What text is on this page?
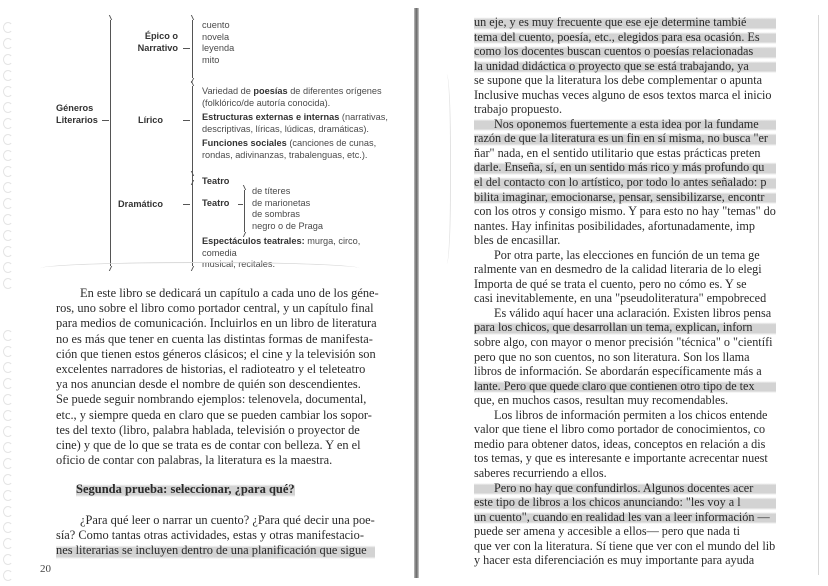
Géneros
Literarios
Épico o
Narrativo
cuento
novela
leyenda
mito
Lírico
Variedad de poesías de diferentes orígenes
(folklórico/de autoría conocida).
Estructuras externas e internas (narrativas,
descriptivas, líricas, lúdicas, dramáticas).
Funciones sociales (canciones de cunas,
rondas, adivinanzas, trabalenguas, etc.).
Dramático
Teatro
Teatro
de títeres
de marionetas
de sombras
negro o de Praga
Espectáculos teatrales: murga, circo, comedia
musical, recitales.
En este libro se dedicará un capítulo a cada uno de los géne-
ros, uno sobre el libro como portador central, y un capítulo final
para medios de comunicación. Incluirlos en un libro de literatura
no es más que tener en cuenta las distintas formas de manifesta-
ción que tienen estos géneros clásicos; el cine y la televisión son
excelentes narradores de historias, el radioteatro y el teleteatro
ya nos anuncian desde el nombre de quién son descendientes.
Se puede seguir nombrando ejemplos: telenovela, documental,
etc., y siempre queda en claro que se pueden cambiar los sopor-
tes del texto (libro, palabra hablada, televisión o proyector de
cine) y que de lo que se trata es de contar con belleza. Y en el
oficio de contar con palabras, la literatura es la maestra.
Segunda prueba: seleccionar, ¿para qué?
¿Para qué leer o narrar un cuento? ¿Para qué decir una poe-
sía? Como tantas otras actividades, estas y otras manifestacio-
nes literarias se incluyen dentro de una planificación que sigue
20
un eje, y es muy frecuente que ese eje determine tambié
tema del cuento, poesía, etc., elegidos para esa ocasión. Es
como los docentes buscan cuentos o poesías relacionadas
la unidad didáctica o proyecto que se está trabajando, ya
se supone que la literatura los debe complementar o apunta
Inclusive muchas veces alguno de esos textos marca el inicio
trabajo propuesto.
Nos oponemos fuertemente a esta idea por la fundame
razón de que la literatura es un fin en sí misma, no busca "er
ñar" nada, en el sentido utilitario que estas prácticas preten
darle. Enseña, sí, en un sentido más rico y más profundo qu
el del contacto con lo artístico, por todo lo antes señalado: p
bilita imaginar, emocionarse, pensar, sensibilizarse, encontr
con los otros y consigo mismo. Y para esto no hay "temas" do
nantes. Hay infinitas posibilidades, afortunadamente, imp
bles de encasillar.
Por otra parte, las elecciones en función de un tema ge
ralmente van en desmedro de la calidad literaria de lo elegi
Importa de qué se trata el cuento, pero no cómo es. Y se
casi inevitablemente, en una "pseudoliteratura" empobreced
Es válido aquí hacer una aclaración. Existen libros pensa
para los chicos, que desarrollan un tema, explican, inforn
sobre algo, con mayor o menor precisión "técnica" o "científi
pero que no son cuentos, no son literatura. Son los llama
libros de información. Se abordarán específicamente más a
lante. Pero que quede claro que contienen otro tipo de tex
que, en muchos casos, resultan muy recomendables.
Los libros de información permiten a los chicos entende
valor que tiene el libro como portador de conocimientos, co
medio para obtener datos, ideas, conceptos en relación a dis
tos temas, y que es interesante e importante acrecentar nuest
saberes recurriendo a ellos.
Pero no hay que confundirlos. Algunos docentes acer
este tipo de libros a los chicos anunciando: "les voy a l
un cuento", cuando en realidad les van a leer información —
puede ser amena y accesible a ellos— pero que nada ti
que ver con la literatura. Sí tiene que ver con el mundo del lib
y hacer esta diferenciación es muy importante para ayuda
